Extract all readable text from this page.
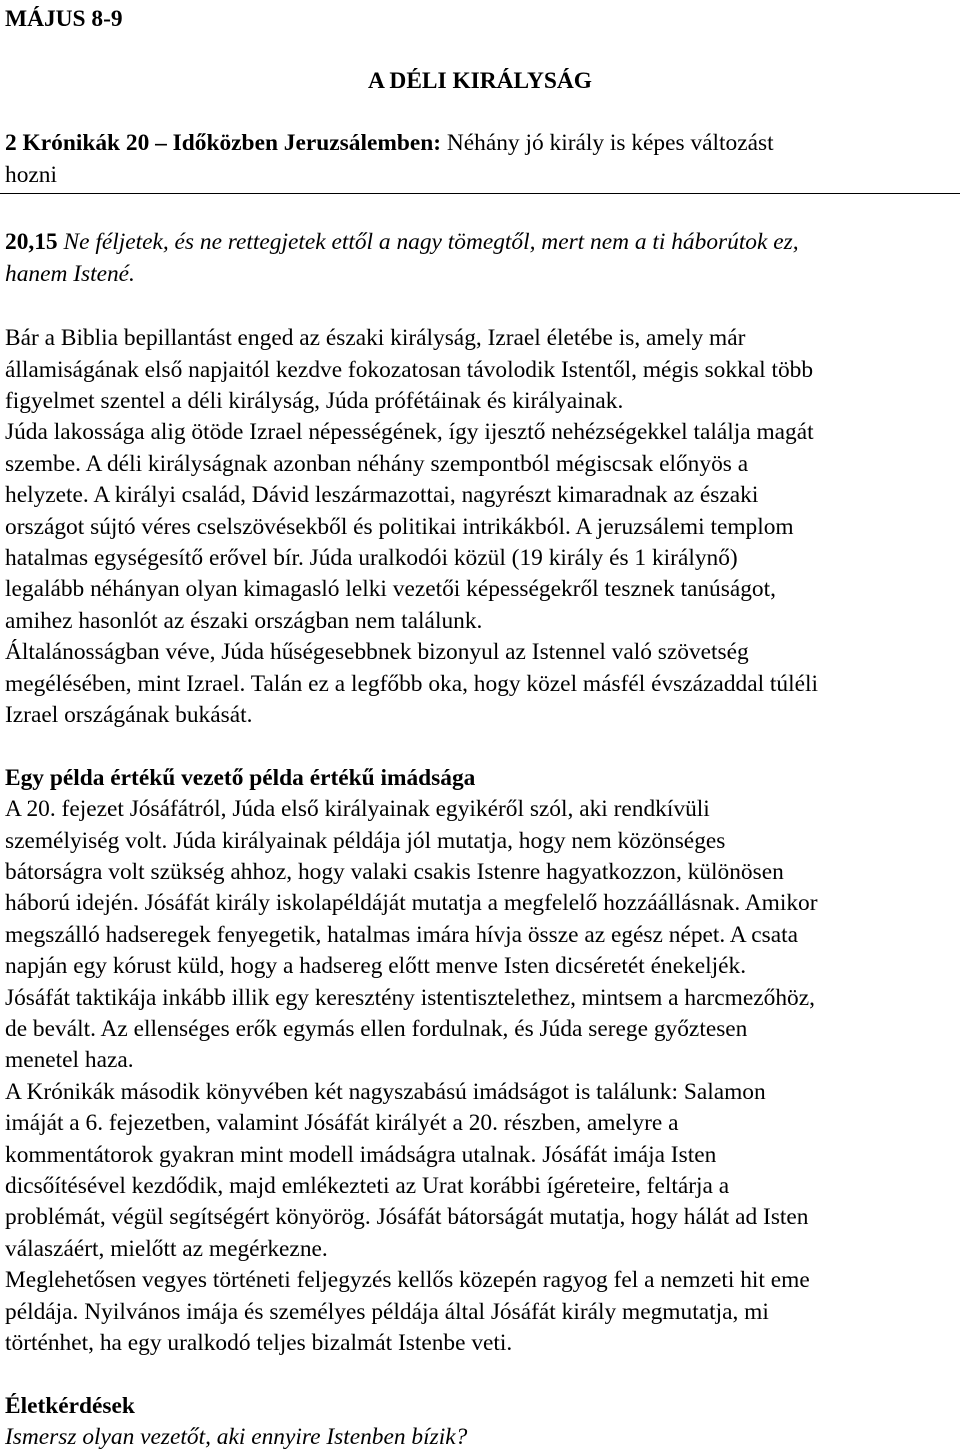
MÁJUS 8-9
A DÉLI KIRÁLYSÁG
2 Krónikák 20 – Időközben Jeruzsálemben: Néhány jó király is képes változást
hozni
20,15 Ne féljetek, és ne rettegjetek ettől a nagy tömegtől, mert nem a ti háborútok ez,
hanem Istené.
Bár a Biblia bepillantást enged az északi királyság, Izrael életébe is, amely már
államiságának első napjaitól kezdve fokozatosan távolodik Istentől, mégis sokkal több
figyelmet szentel a déli királyság, Júda prófétáinak és királyainak.
Júda lakossága alig ötöde Izrael népességének, így ijesztő nehézségekkel találja magát
szembe. A déli királyságnak azonban néhány szempontból mégiscsak előnyös a
helyzete. A királyi család, Dávid leszármazottai, nagyrészt kimaradnak az északi
országot sújtó véres cselszövésekből és politikai intrikákból. A jeruzsálemi templom
hatalmas egységesítő erővel bír. Júda uralkodói közül (19 király és 1 királynő)
legalább néhányan olyan kimagasló lelki vezetői képességekről tesznek tanúságot,
amihez hasonlót az északi országban nem találunk.
Általánosságban véve, Júda hűségesebbnek bizonyul az Istennel való szövetség
megélésében, mint Izrael. Talán ez a legfőbb oka, hogy közel másfél évszázaddal túléli
Izrael országának bukását.
Egy példa értékű vezető példa értékű imádsága
A 20. fejezet Jósáfátról, Júda első királyainak egyikéről szól, aki rendkívüli
személyiség volt. Júda királyainak példája jól mutatja, hogy nem közönséges
bátorságra volt szükség ahhoz, hogy valaki csakis Istenre hagyatkozzon, különösen
háború idején. Jósáfát király iskolapéldáját mutatja a megfelelő hozzáállásnak. Amikor
megszálló hadseregek fenyegetik, hatalmas imára hívja össze az egész népet. A csata
napján egy kórust küld, hogy a hadsereg előtt menve Isten dicséretét énekeljék.
Jósáfát taktikája inkább illik egy keresztény istentisztelethez, mintsem a harcmezőhöz,
de bevált. Az ellenséges erők egymás ellen fordulnak, és Júda serege győztesen
menetel haza.
A Krónikák második könyvében két nagyszabású imádságot is találunk: Salamon
imáját a 6. fejezetben, valamint Jósáfát királyét a 20. részben, amelyre a
kommentátorok gyakran mint modell imádságra utalnak. Jósáfát imája Isten
dicsőítésével kezdődik, majd emlékezteti az Urat korábbi ígéreteire, feltárja a
problémát, végül segítségért könyörög. Jósáfát bátorságát mutatja, hogy hálát ad Isten
válaszáért, mielőtt az megérkezne.
Meglehetősen vegyes történeti feljegyzés kellős közepén ragyog fel a nemzeti hit eme
példája. Nyilvános imája és személyes példája által Jósáfát király megmutatja, mi
történhet, ha egy uralkodó teljes bizalmát Istenbe veti.
Életkérdések
Ismersz olyan vezetőt, aki ennyire Istenben bízik?
